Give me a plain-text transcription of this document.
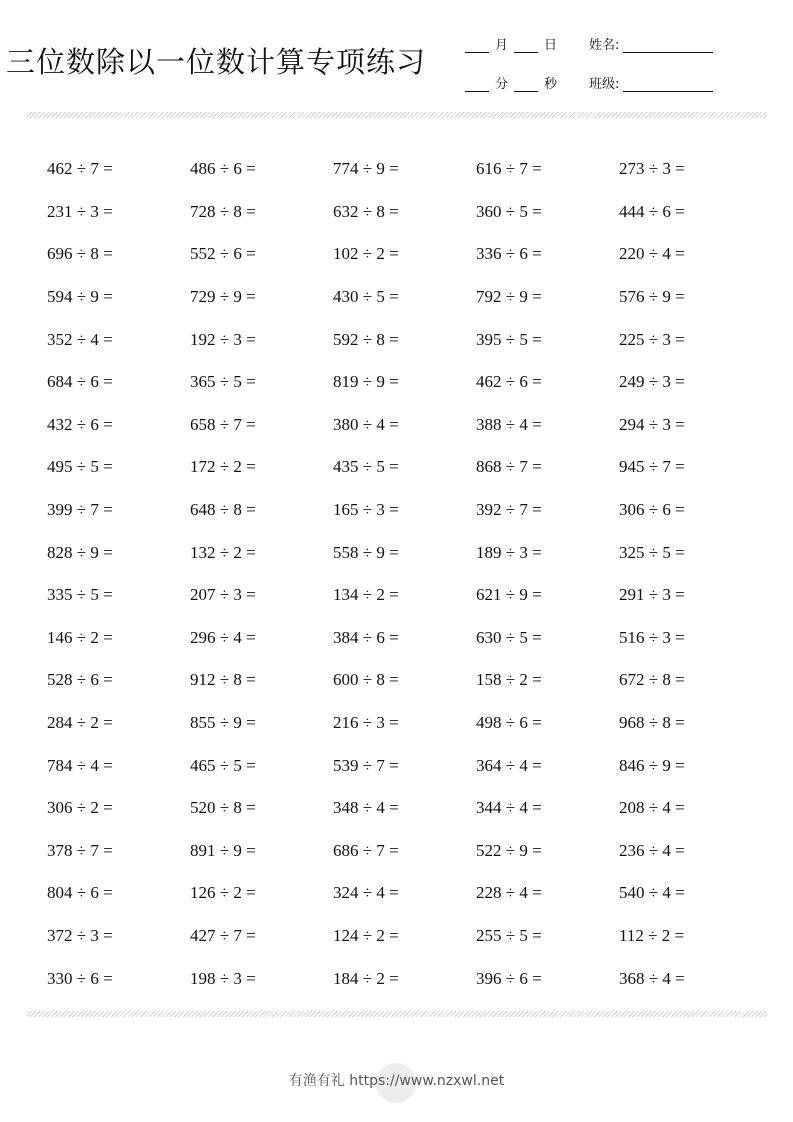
三位数除以一位数计算专项练习	月	日
分	秒
姓名:
班级:
462 ÷ 7 =	486 ÷ 6 =	774 ÷ 9 =	616 ÷ 7 =	273 ÷ 3 =
231 ÷ 3 =	728 ÷ 8 =	632 ÷ 8 =	360 ÷ 5 =	444 ÷ 6 =
696 ÷ 8 =	552 ÷ 6 =	102 ÷ 2 =	336 ÷ 6 =	220 ÷ 4 =
594 ÷ 9 =	729 ÷ 9 =	430 ÷ 5 =	792 ÷ 9 =	576 ÷ 9 =
352 ÷ 4 =	192 ÷ 3 =	592 ÷ 8 =	395 ÷ 5 =	225 ÷ 3 =
684 ÷ 6 =	365 ÷ 5 =	819 ÷ 9 =	462 ÷ 6 =	249 ÷ 3 =
432 ÷ 6 =	658 ÷ 7 =	380 ÷ 4 =	388 ÷ 4 =	294 ÷ 3 =
495 ÷ 5 =	172 ÷ 2 =	435 ÷ 5 =	868 ÷ 7 =	945 ÷ 7 =
399 ÷ 7 =	648 ÷ 8 =	165 ÷ 3 =	392 ÷ 7 =	306 ÷ 6 =
828 ÷ 9 =	132 ÷ 2 =	558 ÷ 9 =	189 ÷ 3 =	325 ÷ 5 =
335 ÷ 5 =	207 ÷ 3 =	134 ÷ 2 =	621 ÷ 9 =	291 ÷ 3 =
146 ÷ 2 =	296 ÷ 4 =	384 ÷ 6 =	630 ÷ 5 =	516 ÷ 3 =
528 ÷ 6 =	912 ÷ 8 =	600 ÷ 8 =	158 ÷ 2 =	672 ÷ 8 =
284 ÷ 2 =	855 ÷ 9 =	216 ÷ 3 =	498 ÷ 6 =	968 ÷ 8 =
784 ÷ 4 =	465 ÷ 5 =	539 ÷ 7 =	364 ÷ 4 =	846 ÷ 9 =
306 ÷ 2 =	520 ÷ 8 =	348 ÷ 4 =	344 ÷ 4 =	208 ÷ 4 =
378 ÷ 7 =	891 ÷ 9 =	686 ÷ 7 =	522 ÷ 9 =	236 ÷ 4 =
804 ÷ 6 =	126 ÷ 2 =	324 ÷ 4 =	228 ÷ 4 =	540 ÷ 4 =
372 ÷ 3 =	427 ÷ 7 =	124 ÷ 2 =	255 ÷ 5 =	112 ÷ 2 =
330 ÷ 6 =	198 ÷ 3 =	184 ÷ 2 =	396 ÷ 6 =	368 ÷ 4 =
有渔有礼 https://www.nzxwl.net
